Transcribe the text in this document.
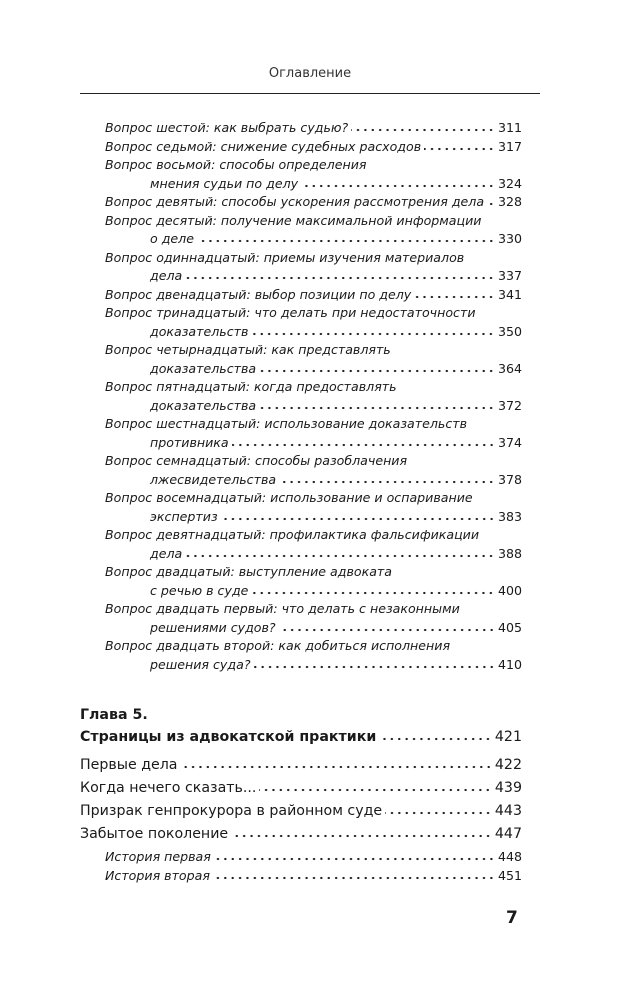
Оглавление
Вопрос шестой: как выбрать судью?	311
Вопрос седьмой: снижение судебных расходов	317
Вопрос восьмой: способы определения
мнения судьи по делу	324
Вопрос девятый: способы ускорения рассмотрения дела 328
Вопрос десятый: получение максимальной информации
о деле	330
Вопрос одиннадцатый: приемы изучения материалов
дела	337
Вопрос двенадцатый: выбор позиции по делу	341
Вопрос тринадцатый: что делать при недостаточности
доказательств	350
Вопрос четырнадцатый: как представлять
доказательства	364
Вопрос пятнадцатый: когда предоставлять
доказательства	372
Вопрос шестнадцатый: использование доказательств
противника	374
Вопрос семнадцатый: способы разоблачения
лжесвидетельства	378
Вопрос восемнадцатый: использование и оспаривание
экспертиз	383
Вопрос девятнадцатый: профилактика фальсификации
дела	388
Вопрос двадцатый: выступление адвоката
с речью в суде	400
Вопрос двадцать первый: что делать с незаконными
решениями судов?	405
Вопрос двадцать второй: как добиться исполнения
решения суда?	410
Глава 5.
Страницы из адвокатской практики	421
Первые дела	422
Когда нечего сказать...	439
Призрак генпрокурора в районном суде	443
Забытое поколение	447
История первая	448
История вторая	451
7
